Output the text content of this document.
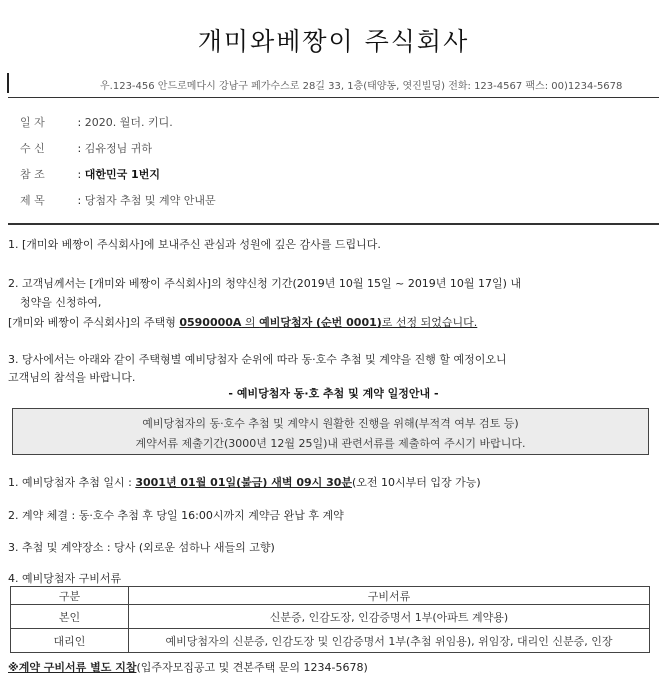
개미와베짱이 주식회사
우.123-456 안드로메다시 강남구 페가수스로 28길 33, 1층(태양동, 엿진빌딩) 전화: 123-4567 팩스: 00)1234-5678
일 자	: 2020. 월더. 키디.
수 신	: 김유정님 귀하
참 조	: 대한민국 1번지
제 목	: 당첨자 추첨 및 계약 안내문
1. [개미와 베짱이 주식회사]에 보내주신 관심과 성원에 깊은 감사를 드립니다.
2. 고객님께서는 [개미와 베짱이 주식회사]의 청약신청 기간(2019년 10월 15일 ~ 2019년 10월 17일) 내
청약을 신청하여,
[개미와 베짱이 주식회사]의 주택형 0590000A 의 예비당첨자 (순번 0001)로 선정 되었습니다.
3. 당사에서는 아래와 같이 주택형별 예비당첨자 순위에 따라 동·호수 추첨 및 계약을 진행 할 예정이오니
고객님의 참석을 바랍니다.
- 예비당첨자 동·호 추첨 및 계약 일정안내 -
예비당첨자의 동·호수 추첨 및 계약시 원활한 진행을 위해(부적격 여부 검토 등)
계약서류 제출기간(3000년 12월 25일)내 관련서류를 제출하여 주시기 바랍니다.
1. 예비당첨자 추첨 일시 : 3001년 01월 01일(불금) 새벽 09시 30분(오전 10시부터 입장 가능)
2. 계약 체결 : 동·호수 추첨 후 당일 16:00시까지 계약금 완납 후 계약
3. 추첨 및 계약장소 : 당사 (외로운 섬하나 새들의 고향)
4. 예비당첨자 구비서류
구분	구비서류
본인	신분증, 인감도장, 인감증명서 1부(아파트 계약용)
대리인	예비당첨자의 신분증, 인감도장 및 인감증명서 1부(추첨 위임용), 위임장, 대리인 신분증, 인장
※계약 구비서류 별도 지참(입주자모집공고 및 견본주택 문의 1234-5678)
